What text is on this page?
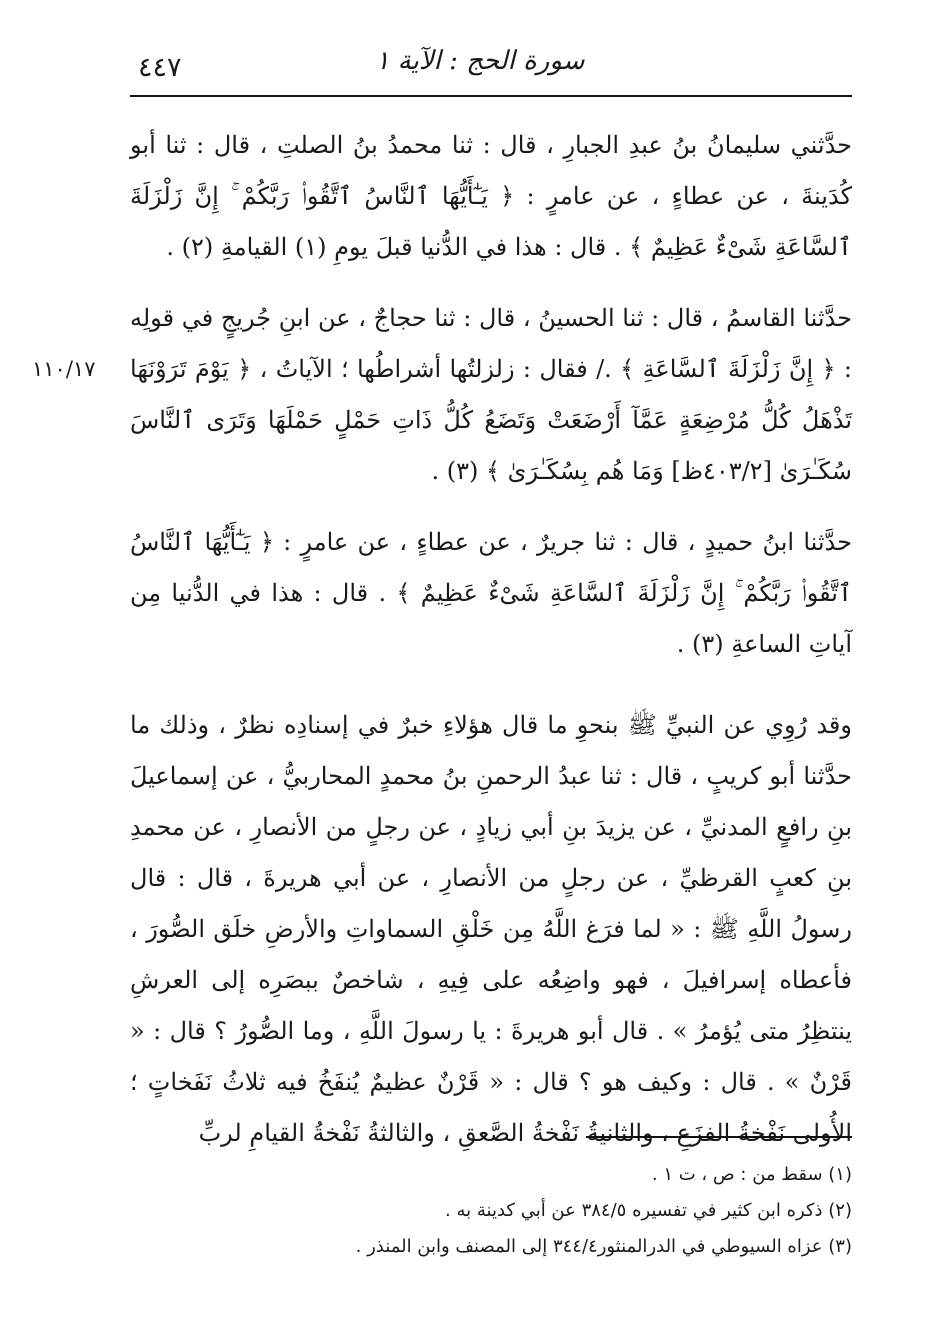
٤٤٧	سورة الحج : الآية ١
١١٠/١٧

حدَّثني سليمانُ بنُ عبدِ الجبارِ ، قال : ثنا محمدُ بنُ الصلتِ ، قال : ثنا أبو كُدَينةَ ، عن عطاءٍ ، عن عامرٍ : ﴿ يَـٰٓأَيُّهَا ٱلنَّاسُ ٱتَّقُوا۟ رَبَّكُمْ ۚ إِنَّ زَلْزَلَةَ ٱلسَّاعَةِ شَىْءٌ عَظِيمٌ ﴾ . قال : هذا في الدُّنيا قبلَ يومِ (١) القيامةِ (٢) .

حدَّثنا القاسمُ ، قال : ثنا الحسينُ ، قال : ثنا حجاجٌ ، عن ابنِ جُريجٍ في قولِه : ﴿ إِنَّ زَلْزَلَةَ ٱلسَّاعَةِ ﴾ ./ فقال : زلزلتُها أشراطُها ؛ الآياتُ ، ﴿ يَوْمَ تَرَوْنَهَا تَذْهَلُ كُلُّ مُرْضِعَةٍ عَمَّآ أَرْضَعَتْ وَتَضَعُ كُلُّ ذَاتِ حَمْلٍ حَمْلَهَا وَتَرَى ٱلنَّاسَ سُكَـٰرَىٰ [٤٠٣/٢ظ] وَمَا هُم بِسُكَـٰرَىٰ ﴾ (٣) .

حدَّثنا ابنُ حميدٍ ، قال : ثنا جريرٌ ، عن عطاءٍ ، عن عامرٍ : ﴿ يَـٰٓأَيُّهَا ٱلنَّاسُ ٱتَّقُوا۟ رَبَّكُمْ ۚ إِنَّ زَلْزَلَةَ ٱلسَّاعَةِ شَىْءٌ عَظِيمٌ ﴾ . قال : هذا في الدُّنيا مِن آياتِ الساعةِ (٣) .

وقد رُوِي عن النبيِّ ﷺ بنحوِ ما قال هؤلاءِ خبرٌ في إسنادِه نظرٌ ، وذلك ما حدَّثنا أبو كريبٍ ، قال : ثنا عبدُ الرحمنِ بنُ محمدٍ المحاربيُّ ، عن إسماعيلَ بنِ رافعٍ المدنيِّ ، عن يزيدَ بنِ أبي زيادٍ ، عن رجلٍ من الأنصارِ ، عن محمدِ بنِ كعبٍ القرظيِّ ، عن رجلٍ من الأنصارِ ، عن أبي هريرةَ ، قال : قال رسولُ اللَّهِ ﷺ : « لما فرَغ اللَّهُ مِن خَلْقِ السماواتِ والأرضِ خلَق الصُّورَ ، فأعطاه إسرافيلَ ، فهو واضِعُه على فِيهِ ، شاخصٌ ببصَرِه إلى العرشِ ينتظِرُ متى يُؤمرُ » . قال أبو هريرةَ : يا رسولَ اللَّهِ ، وما الصُّورُ ؟ قال : « قَرْنٌ » . قال : وكيف هو ؟ قال : « قَرْنٌ عظيمٌ يُنفَخُ فيه ثلاثُ نَفَخاتٍ ؛ الأُولى نَفْخةُ الفزَعِ ، والثانيةُ نَفْخةُ الصَّعقِ ، والثالثةُ نَفْخةُ القيامِ لربِّ

(١) سقط من : ص ، ت ١ .

(٢) ذكره ابن كثير في تفسيره ٣٨٤/٥ عن أبي كدينة به .

(٣) عزاه السيوطي في الدرالمنثور٣٤٤/٤ إلى المصنف وابن المنذر .
